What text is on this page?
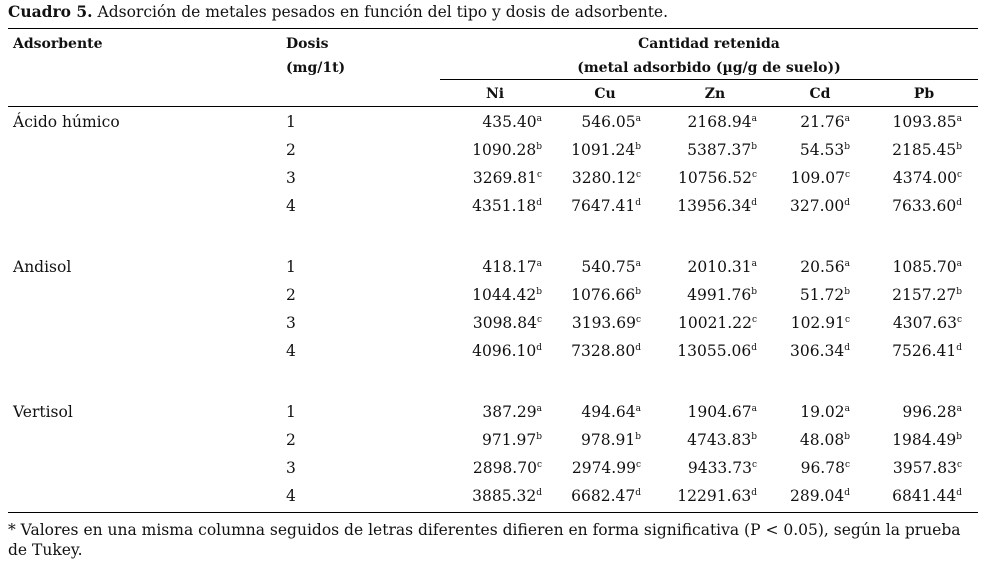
Cuadro 5. Adsorción de metales pesados en función del tipo y dosis de adsorbente.
Adsorbente	Dosis
(mg/1t)
Cantidad retenida
(metal adsorbido (µg/g de suelo))
Ni	Cu	Zn	Cd	Pb
Ácido húmico	1	435.40$^a$	546.05$^a$	2168.94$^a$	21.76$^a$	1093.85$^a$
2	1090.28$^b$ 1091.24$^b$	5387.37$^b$	54.53$^b$	2185.45$^b$
3	3269.81$^c$ 3280.12$^c$ 10756.52$^c$ 109.07$^c$	4374.00$^c$
4	4351.18$^d$ 7647.41$^d$ 13956.34$^d$ 327.00$^d$	7633.60$^d$
Andisol	1	418.17$^a$	540.75$^a$	2010.31$^a$	20.56$^a$	1085.70$^a$
2	1044.42$^b$ 1076.66$^b$	4991.76$^b$	51.72$^b$	2157.27$^b$
3	3098.84$^c$ 3193.69$^c$ 10021.22$^c$ 102.91$^c$	4307.63$^c$
4	4096.10$^d$ 7328.80$^d$ 13055.06$^d$ 306.34$^d$	7526.41$^d$
Vertisol	1	387.29$^a$	494.64$^a$	1904.67$^a$	19.02$^a$	996.28$^a$
2	971.97$^b$	978.91$^b$	4743.83$^b$	48.08$^b$	1984.49$^b$
3	2898.70$^c$ 2974.99$^c$	9433.73$^c$	96.78$^c$	3957.83$^c$
4	3885.32$^d$ 6682.47$^d$ 12291.63$^d$ 289.04$^d$	6841.44$^d$
* Valores en una misma columna seguidos de letras diferentes difieren en forma significativa (P < 0.05), según la prueba de Tukey.
